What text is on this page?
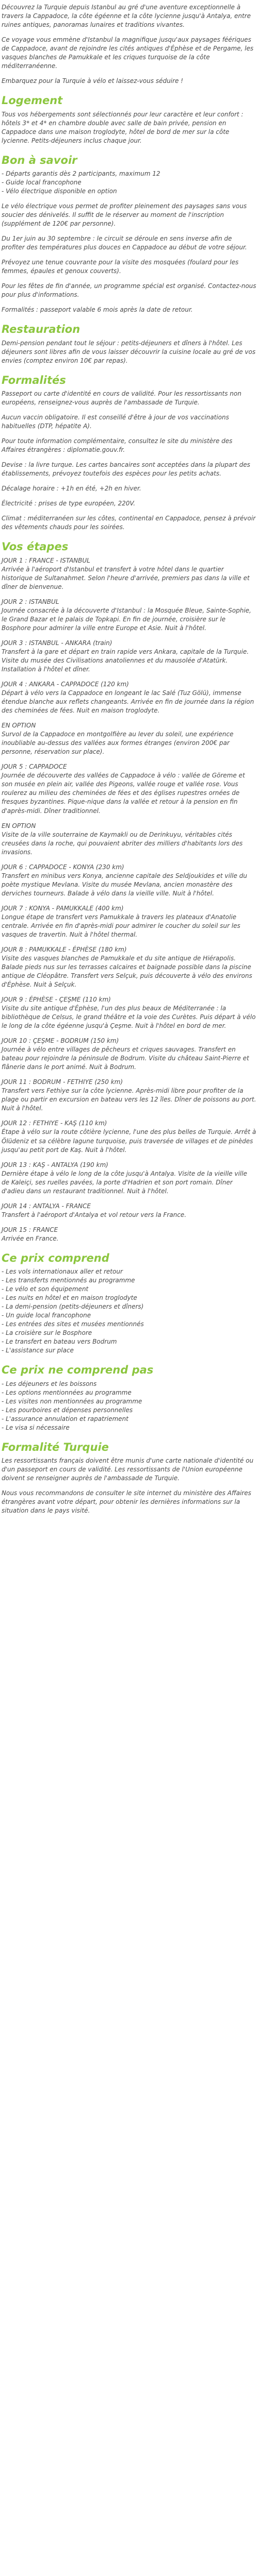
Découvrez la Turquie depuis Istanbul au gré d'une aventure exceptionnelle à travers la Cappadoce, la côte égéenne et la côte lycienne jusqu'à Antalya, entre ruines antiques, panoramas lunaires et traditions vivantes.

Ce voyage vous emmène d'Istanbul la magnifique jusqu'aux paysages féériques de Cappadoce, avant de rejoindre les cités antiques d'Éphèse et de Pergame, les vasques blanches de Pamukkale et les criques turquoise de la côte méditerranéenne.

Embarquez pour la Turquie à vélo et laissez-vous séduire !

Logement

Tous vos hébergements sont sélectionnés pour leur caractère et leur confort : hôtels 3* et 4* en chambre double avec salle de bain privée, pension en Cappadoce dans une maison troglodyte, hôtel de bord de mer sur la côte lycienne. Petits-déjeuners inclus chaque jour.

Bon à savoir
- Départs garantis dès 2 participants, maximum 12
- Guide local francophone
- Vélo électrique disponible en option

Le vélo électrique vous permet de profiter pleinement des paysages sans vous soucier des dénivelés. Il suffit de le réserver au moment de l'inscription (supplément de 120€ par personne).

Du 1er juin au 30 septembre : le circuit se déroule en sens inverse afin de profiter des températures plus douces en Cappadoce au début de votre séjour.

Prévoyez une tenue couvrante pour la visite des mosquées (foulard pour les femmes, épaules et genoux couverts).

Pour les fêtes de fin d'année, un programme spécial est organisé. Contactez-nous pour plus d'informations.

Formalités : passeport valable 6 mois après la date de retour.

Restauration

Demi-pension pendant tout le séjour : petits-déjeuners et dîners à l'hôtel. Les déjeuners sont libres afin de vous laisser découvrir la cuisine locale au gré de vos envies (comptez environ 10€ par repas).

Formalités

Passeport ou carte d'identité en cours de validité. Pour les ressortissants non européens, renseignez-vous auprès de l'ambassade de Turquie.

Aucun vaccin obligatoire. Il est conseillé d'être à jour de vos vaccinations habituelles (DTP, hépatite A).

Pour toute information complémentaire, consultez le site du ministère des Affaires étrangères : diplomatie.gouv.fr.

Devise : la livre turque. Les cartes bancaires sont acceptées dans la plupart des établissements, prévoyez toutefois des espèces pour les petits achats.

Décalage horaire : +1h en été, +2h en hiver.

Électricité : prises de type européen, 220V.

Climat : méditerranéen sur les côtes, continental en Cappadoce, pensez à prévoir des vêtements chauds pour les soirées.

Vos étapes

JOUR 1 : FRANCE - ISTANBUL
Arrivée à l'aéroport d'Istanbul et transfert à votre hôtel dans le quartier historique de Sultanahmet. Selon l'heure d'arrivée, premiers pas dans la ville et dîner de bienvenue.

JOUR 2 : ISTANBUL
Journée consacrée à la découverte d'Istanbul : la Mosquée Bleue, Sainte-Sophie, le Grand Bazar et le palais de Topkapi. En fin de journée, croisière sur le Bosphore pour admirer la ville entre Europe et Asie. Nuit à l'hôtel.

JOUR 3 : ISTANBUL - ANKARA (train)
Transfert à la gare et départ en train rapide vers Ankara, capitale de la Turquie. Visite du musée des Civilisations anatoliennes et du mausolée d'Atatürk. Installation à l'hôtel et dîner.

JOUR 4 : ANKARA - CAPPADOCE (120 km)
Départ à vélo vers la Cappadoce en longeant le lac Salé (Tuz Gölü), immense étendue blanche aux reflets changeants. Arrivée en fin de journée dans la région des cheminées de fées. Nuit en maison troglodyte.

EN OPTION
Survol de la Cappadoce en montgolfière au lever du soleil, une expérience inoubliable au-dessus des vallées aux formes étranges (environ 200€ par personne, réservation sur place).

JOUR 5 : CAPPADOCE
Journée de découverte des vallées de Cappadoce à vélo : vallée de Göreme et son musée en plein air, vallée des Pigeons, vallée rouge et vallée rose. Vous roulerez au milieu des cheminées de fées et des églises rupestres ornées de fresques byzantines. Pique-nique dans la vallée et retour à la pension en fin d'après-midi. Dîner traditionnel.

EN OPTION
Visite de la ville souterraine de Kaymakli ou de Derinkuyu, véritables cités creusées dans la roche, qui pouvaient abriter des milliers d'habitants lors des invasions.

JOUR 6 : CAPPADOCE - KONYA (230 km)
Transfert en minibus vers Konya, ancienne capitale des Seldjoukides et ville du poète mystique Mevlana. Visite du musée Mevlana, ancien monastère des derviches tourneurs. Balade à vélo dans la vieille ville. Nuit à l'hôtel.

JOUR 7 : KONYA - PAMUKKALE (400 km)
Longue étape de transfert vers Pamukkale à travers les plateaux d'Anatolie centrale. Arrivée en fin d'après-midi pour admirer le coucher du soleil sur les vasques de travertin. Nuit à l'hôtel thermal.

JOUR 8 : PAMUKKALE - ÉPHÈSE (180 km)
Visite des vasques blanches de Pamukkale et du site antique de Hiérapolis. Balade pieds nus sur les terrasses calcaires et baignade possible dans la piscine antique de Cléopâtre. Transfert vers Selçuk, puis découverte à vélo des environs d'Éphèse. Nuit à Selçuk.

JOUR 9 : ÉPHÈSE - ÇEŞME (110 km)
Visite du site antique d'Éphèse, l'un des plus beaux de Méditerranée : la bibliothèque de Celsus, le grand théâtre et la voie des Curètes. Puis départ à vélo le long de la côte égéenne jusqu'à Çeşme. Nuit à l'hôtel en bord de mer.

JOUR 10 : ÇEŞME - BODRUM (150 km)
Journée à vélo entre villages de pêcheurs et criques sauvages. Transfert en bateau pour rejoindre la péninsule de Bodrum. Visite du château Saint-Pierre et flânerie dans le port animé. Nuit à Bodrum.

JOUR 11 : BODRUM - FETHIYE (250 km)
Transfert vers Fethiye sur la côte lycienne. Après-midi libre pour profiter de la plage ou partir en excursion en bateau vers les 12 îles. Dîner de poissons au port. Nuit à l'hôtel.

JOUR 12 : FETHIYE - KAŞ (110 km)
Étape à vélo sur la route côtière lycienne, l'une des plus belles de Turquie. Arrêt à Ölüdeniz et sa célèbre lagune turquoise, puis traversée de villages et de pinèdes jusqu'au petit port de Kaş. Nuit à l'hôtel.

JOUR 13 : KAŞ - ANTALYA (190 km)
Dernière étape à vélo le long de la côte jusqu'à Antalya. Visite de la vieille ville de Kaleiçi, ses ruelles pavées, la porte d'Hadrien et son port romain. Dîner d'adieu dans un restaurant traditionnel. Nuit à l'hôtel.

JOUR 14 : ANTALYA - FRANCE
Transfert à l'aéroport d'Antalya et vol retour vers la France.

JOUR 15 : FRANCE
Arrivée en France.

Ce prix comprend
- Les vols internationaux aller et retour
- Les transferts mentionnés au programme
- Le vélo et son équipement
- Les nuits en hôtel et en maison troglodyte
- La demi-pension (petits-déjeuners et dîners)
- Un guide local francophone
- Les entrées des sites et musées mentionnés
- La croisière sur le Bosphore
- Le transfert en bateau vers Bodrum
- L'assistance sur place
Ce prix ne comprend pas
- Les déjeuners et les boissons
- Les options mentionnées au programme
- Les visites non mentionnées au programme
- Les pourboires et dépenses personnelles
- L'assurance annulation et rapatriement
- Le visa si nécessaire
Formalité Turquie

Les ressortissants français doivent être munis d'une carte nationale d'identité ou d'un passeport en cours de validité. Les ressortissants de l'Union européenne doivent se renseigner auprès de l'ambassade de Turquie.

Nous vous recommandons de consulter le site internet du ministère des Affaires étrangères avant votre départ, pour obtenir les dernières informations sur la situation dans le pays visité.
